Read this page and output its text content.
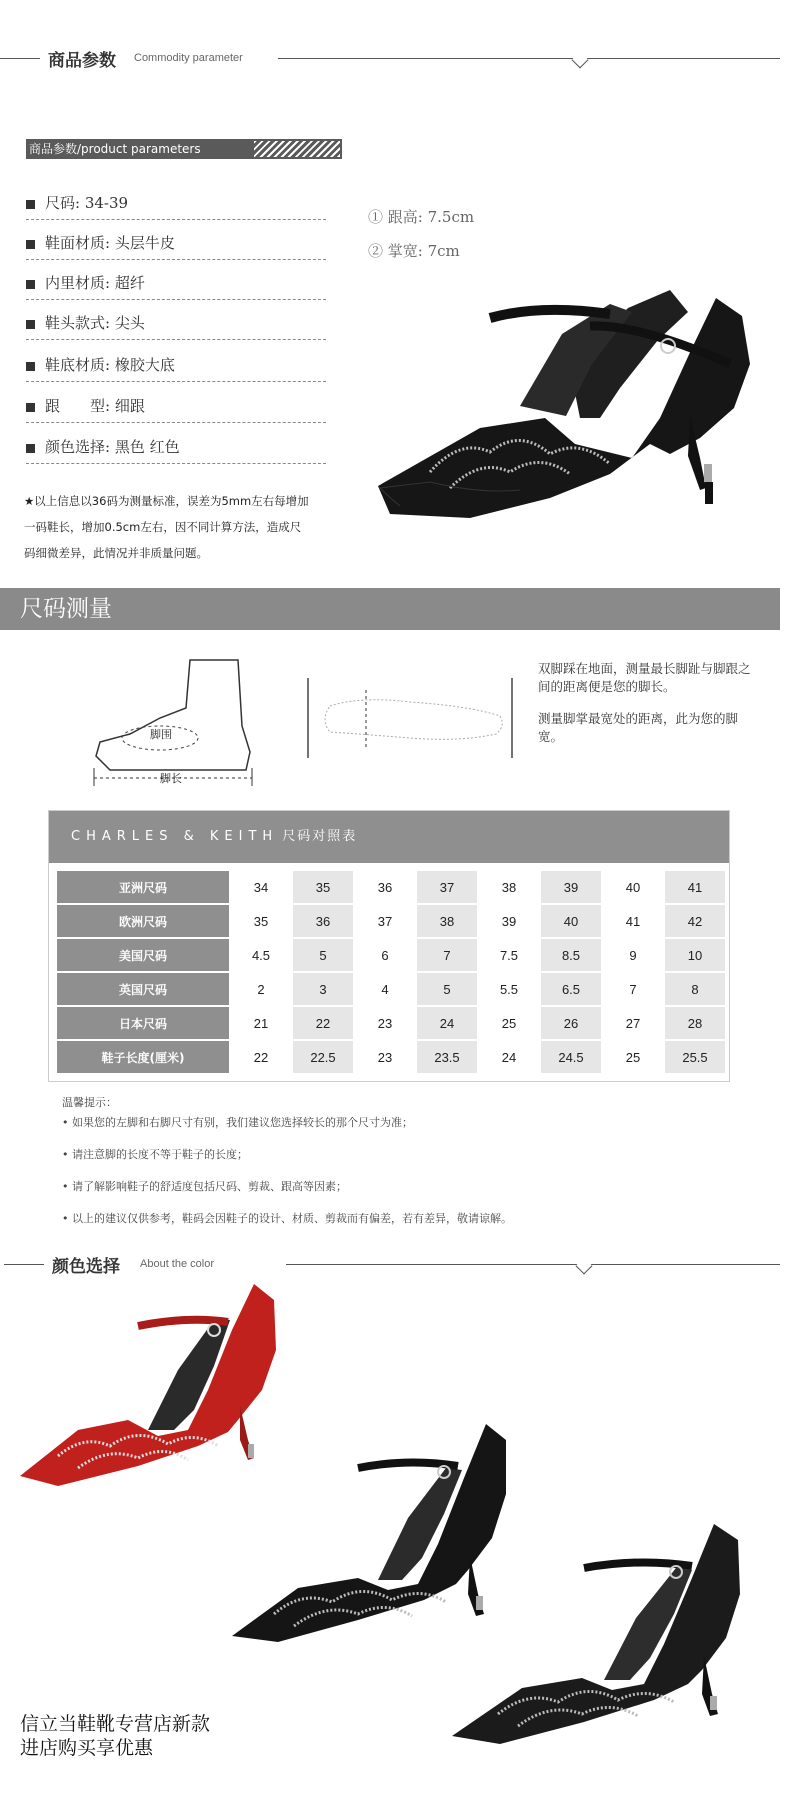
商品参数 Commodity parameter
商品参数/product parameters
尺码: 34-39
鞋面材质: 头层牛皮
内里材质: 超纤
鞋头款式: 尖头
鞋底材质: 橡胶大底
跟　　型: 细跟
颜色选择: 黑色 红色
★以上信息以36码为测量标准，误差为5mm左右每增加
一码鞋长，增加0.5cm左右，因不同计算方法，造成尺
码细微差异，此情况并非质量问题。
① 跟高: 7.5cm
② 掌宽: 7cm
尺码测量
脚围
脚长
双脚踩在地面，测量最长脚趾与脚跟之间的距离便是您的脚长。
测量脚掌最宽处的距离，此为您的脚宽。
CHARLES & KEITH 尺码对照表
亚洲尺码	34	35	36	37	38	39	40	41
欧洲尺码	35	36	37	38	39	40	41	42
美国尺码	4.5	5	6	7	7.5	8.5	9	10
英国尺码	2	3	4	5	5.5	6.5	7	8
日本尺码	21	22	23	24	25	26	27	28
鞋子长度(厘米)	22	22.5	23	23.5	24	24.5	25	25.5
温馨提示：
• 如果您的左脚和右脚尺寸有别，我们建议您选择较长的那个尺寸为准；
• 请注意脚的长度不等于鞋子的长度；
• 请了解影响鞋子的舒适度包括尺码、剪裁、跟高等因素；
• 以上的建议仅供参考，鞋码会因鞋子的设计、材质、剪裁而有偏差，若有差异，敬请谅解。
颜色选择 About the color
信立当鞋靴专营店新款
进店购买享优惠
